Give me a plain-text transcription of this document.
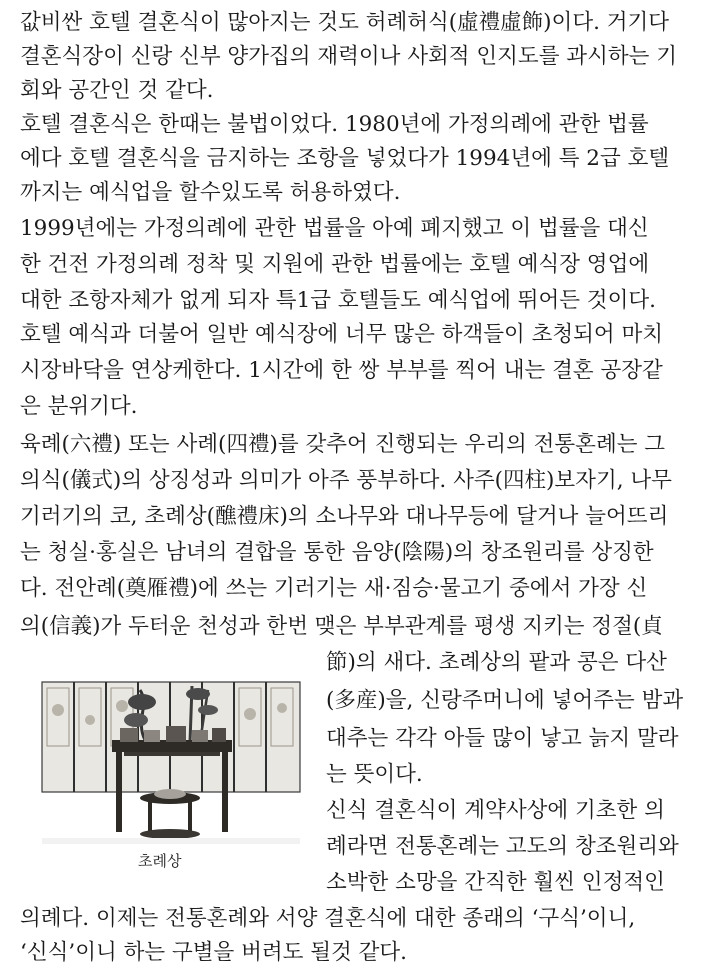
값비싼 호텔 결혼식이 많아지는 것도 허례허식(虛禮虛飾)이다. 거기다
결혼식장이 신랑 신부 양가집의 재력이나 사회적 인지도를 과시하는 기
회와 공간인 것 같다.
호텔 결혼식은 한때는 불법이었다. 1980년에 가정의례에 관한 법률
에다 호텔 결혼식을 금지하는 조항을 넣었다가 1994년에 특 2급 호텔
까지는 예식업을 할수있도록 허용하였다.
1999년에는 가정의례에 관한 법률을 아예 폐지했고 이 법률을 대신
한 건전 가정의례 정착 및 지원에 관한 법률에는 호텔 예식장 영업에
대한 조항자체가 없게 되자 특1급 호텔들도 예식업에 뛰어든 것이다.
호텔 예식과 더불어 일반 예식장에 너무 많은 하객들이 초청되어 마치
시장바닥을 연상케한다. 1시간에 한 쌍 부부를 찍어 내는 결혼 공장같
은 분위기다.
육례(六禮) 또는 사례(四禮)를 갖추어 진행되는 우리의 전통혼례는 그
의식(儀式)의 상징성과 의미가 아주 풍부하다. 사주(四柱)보자기, 나무
기러기의 코, 초례상(醮禮床)의 소나무와 대나무등에 달거나 늘어뜨리
는 청실·홍실은 남녀의 결합을 통한 음양(陰陽)의 창조원리를 상징한
다. 전안례(奠雁禮)에 쓰는 기러기는 새·짐승·물고기 중에서 가장 신
의(信義)가 두터운 천성과 한번 맺은 부부관계를 평생 지키는 정절(貞
節)의 새다. 초례상의 팥과 콩은 다산
(多産)을, 신랑주머니에 넣어주는 밤과
대추는 각각 아들 많이 낳고 늙지 말라
는 뜻이다.
신식 결혼식이 계약사상에 기초한 의
례라면 전통혼례는 고도의 창조원리와
소박한 소망을 간직한 훨씬 인정적인
의례다. 이제는 전통혼례와 서양 결혼식에 대한 종래의 ‘구식’이니,
‘신식’이니 하는 구별을 버려도 될것 같다.
초례상
